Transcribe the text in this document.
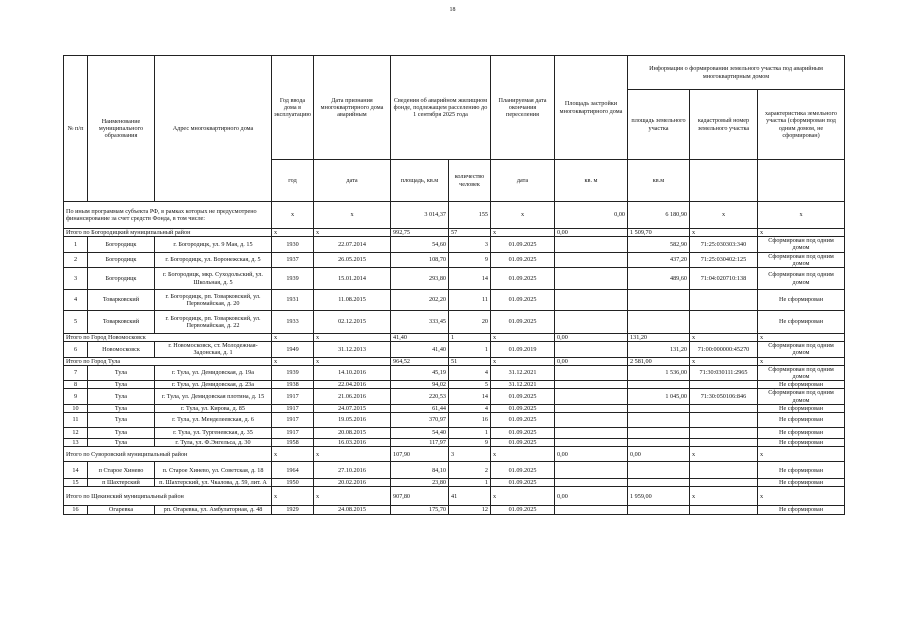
18
№ п/п	Наименование муниципального образования	Адрес многоквартирного дома	Год ввода дома в эксплуатацию	Дата признания многоквартирного дома аварийным	Сведения об аварийном жилищном фонде, подлежащем расселению до 1 сентября 2025 года		Планируемая дата окончания переселения	Площадь застройки многоквартирного дома	Информация о формировании земельного участка под аварийным многоквартирным домом		
									площадь земельного участка	кадастровый номер земельного участка	характеристика земельного участка (сформирован под одним домом, не сформирован)
			год	дата	площадь, кв.м	количество человек	дата	кв. м	кв.м		
По иным программам субъекта РФ, в рамках которых не предусмотрено финансирование за счет средств Фонда, в том числе:			х	х	3 014,37	155	х	0,00	6 180,90	х	х
Итого по Богородицкий муниципальный район			х	х	992,75	57	х	0,00	1 509,70	х	х
1	Богородицк	г. Богородицк, ул. 9 Мая, д. 15	1930	22.07.2014	54,60	3	01.09.2025		582,90	71:25:030303:340	Сформирован под одним домом
2	Богородицк	г. Богородицк, ул. Воронежская, д. 5	1937	26.05.2015	108,70	9	01.09.2025		437,20	71:25:030402:125	Сформирован под одним домом
3	Богородицк	г. Богородицк, мкр. Суходольский, ул. Школьная, д. 5	1939	15.01.2014	293,80	14	01.09.2025		489,60	71:04:020710:138	Сформирован под одним домом
4	Товарковский	г. Богородицк, рп. Товарковский, ул. Первомайская, д. 20	1931	11.08.2015	202,20	11	01.09.2025				Не сформирован
5	Товарковский	г. Богородицк, рп. Товарковский, ул. Первомайская, д. 22	1933	02.12.2015	333,45	20	01.09.2025				Не сформирован
Итого по Город Новомосковск			х	х	41,40	1	х	0,00	131,20	х	х
6	Новомосковск	г. Новомосковск, ст. Молодежная-Задонская, д. 1	1949	31.12.2013	41,40	1	01.09.2019		131,20	71:00:000000:45270	Сформирован под одним домом
Итого по Город Тула			х	х	964,52	51	х	0,00	2 581,00	х	х
7	Тула	г. Тула, ул. Демидовская, д. 19а	1939	14.10.2016	45,19	4	31.12.2021		1 536,00	71:30:030111:2965	Сформирован под одним домом
8	Тула	г. Тула, ул. Демидовская, д. 23а	1938	22.04.2016	94,02	5	31.12.2021				Не сформирован
9	Тула	г. Тула, ул. Демидовская плотина, д. 15	1917	21.06.2016	220,53	14	01.09.2025		1 045,00	71:30:050106:846	Сформирован под одним домом
10	Тула	г. Тула, ул. Кирова, д. 85	1917	24.07.2015	61,44	4	01.09.2025				Не сформирован
11	Тула	г. Тула, ул. Менделеевская, д. 6	1917	19.05.2016	370,97	16	01.09.2025				Не сформирован
12	Тула	г. Тула, ул. Тургеневская, д. 35	1917	20.08.2015	54,40	1	01.09.2025				Не сформирован
13	Тула	г. Тула, ул. Ф.Энгельса, д. 30	1958	16.03.2016	117,97	9	01.09.2025				Не сформирован
Итого по Суворовский муниципальный район			х	х	107,90	3	х	0,00	0,00	х	х
14	п Старое Хинево	п. Старое Хинево, ул. Советская, д. 18	1964	27.10.2016	84,10	2	01.09.2025				Не сформирован
15	п Шахтерский	п. Шахтерский, ул. Чкалова, д. 59, лит. А	1950	20.02.2016	23,80	1	01.09.2025				Не сформирован
Итого по Щекинский муниципальный район			х	х	907,80	41	х	0,00	1 959,00	х	х
16	Огаревка	рп. Огаревка, ул. Амбулаторная, д. 48	1929	24.08.2015	175,70	12	01.09.2025				Не сформирован
